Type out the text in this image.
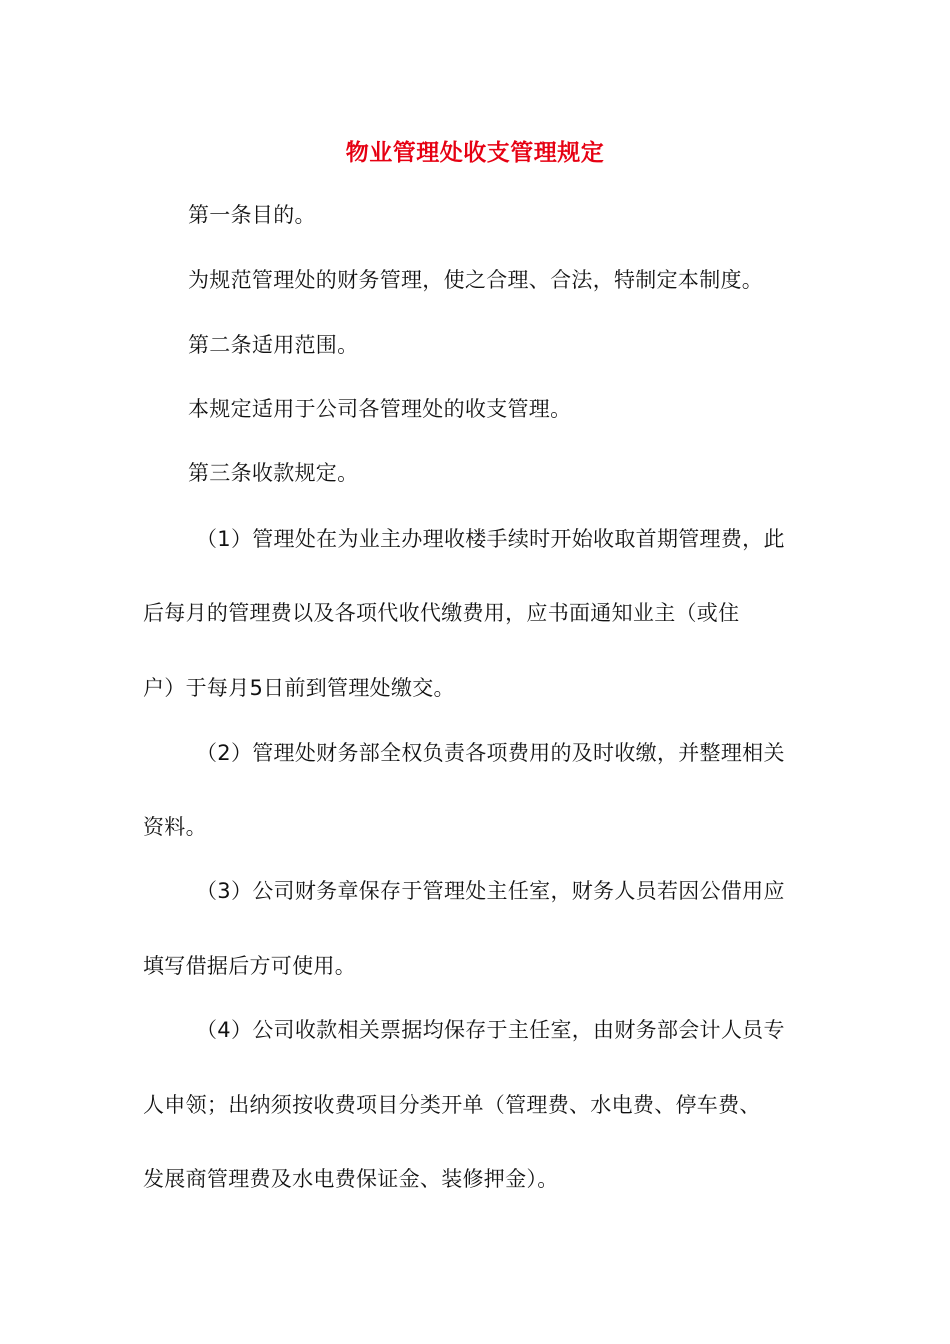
物业管理处收支管理规定
第一条目的。
为规范管理处的财务管理，使之合理、合法，特制定本制度。
第二条适用范围。
本规定适用于公司各管理处的收支管理。
第三条收款规定。
（1）管理处在为业主办理收楼手续时开始收取首期管理费，此
后每月的管理费以及各项代收代缴费用，应书面通知业主（或住
户）于每月5日前到管理处缴交。
（2）管理处财务部全权负责各项费用的及时收缴，并整理相关
资料。
（3）公司财务章保存于管理处主任室，财务人员若因公借用应
填写借据后方可使用。
（4）公司收款相关票据均保存于主任室，由财务部会计人员专
人申领；出纳须按收费项目分类开单（管理费、水电费、停车费、
发展商管理费及水电费保证金、装修押金）。
